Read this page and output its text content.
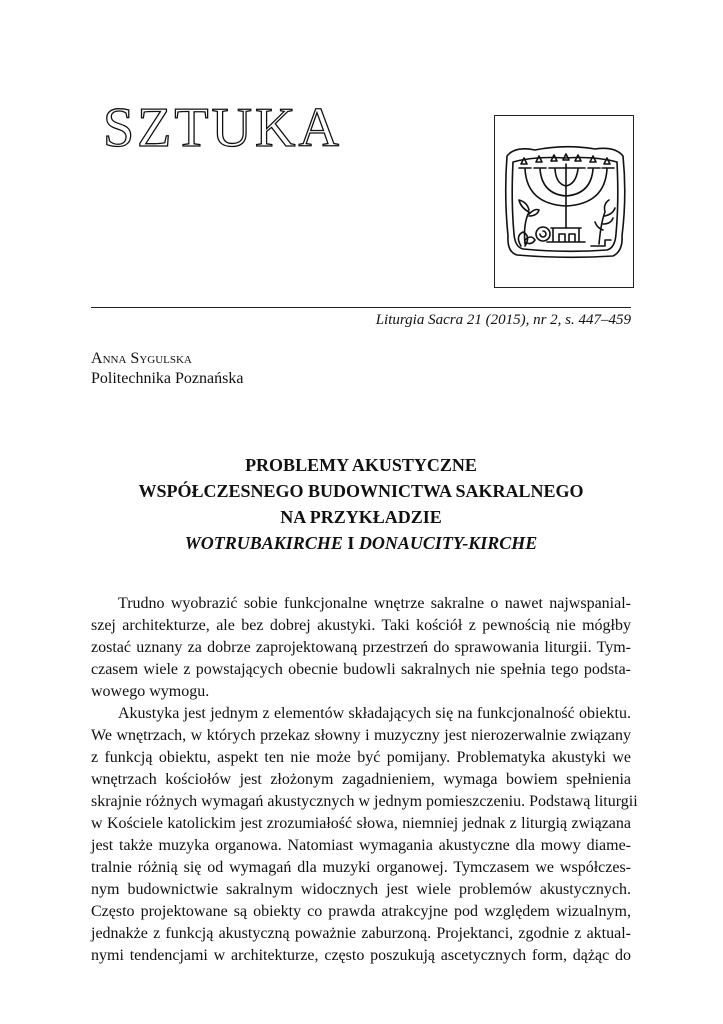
SZTUKA
Liturgia Sacra 21 (2015), nr 2, s. 447–459
Anna Sygulska
Politechnika Poznańska
PROBLEMY AKUSTYCZNE
WSPÓŁCZESNEGO BUDOWNICTWA SAKRALNEGO
NA PRZYKŁADZIE
WOTRUBAKIRCHE I DONAUCITY-KIRCHE
Trudno wyobrazić sobie funkcjonalne wnętrze sakralne o nawet najwspanial-
szej architekturze, ale bez dobrej akustyki. Taki kościół z pewnością nie mógłby
zostać uznany za dobrze zaprojektowaną przestrzeń do sprawowania liturgii. Tym-
czasem wiele z powstających obecnie budowli sakralnych nie spełnia tego podsta-
wowego wymogu.
Akustyka jest jednym z elementów składających się na funkcjonalność obiektu.
We wnętrzach, w których przekaz słowny i muzyczny jest nierozerwalnie związany
z funkcją obiektu, aspekt ten nie może być pomijany. Problematyka akustyki we
wnętrzach kościołów jest złożonym zagadnieniem, wymaga bowiem spełnienia
skrajnie różnych wymagań akustycznych w jednym pomieszczeniu. Podstawą liturgii
w Kościele katolickim jest zrozumiałość słowa, niemniej jednak z liturgią związana
jest także muzyka organowa. Natomiast wymagania akustyczne dla mowy diame-
tralnie różnią się od wymagań dla muzyki organowej. Tymczasem we współczes-
nym budownictwie sakralnym widocznych jest wiele problemów akustycznych.
Często projektowane są obiekty co prawda atrakcyjne pod względem wizualnym,
jednakże z funkcją akustyczną poważnie zaburzoną. Projektanci, zgodnie z aktual-
nymi tendencjami w architekturze, często poszukują ascetycznych form, dążąc do
